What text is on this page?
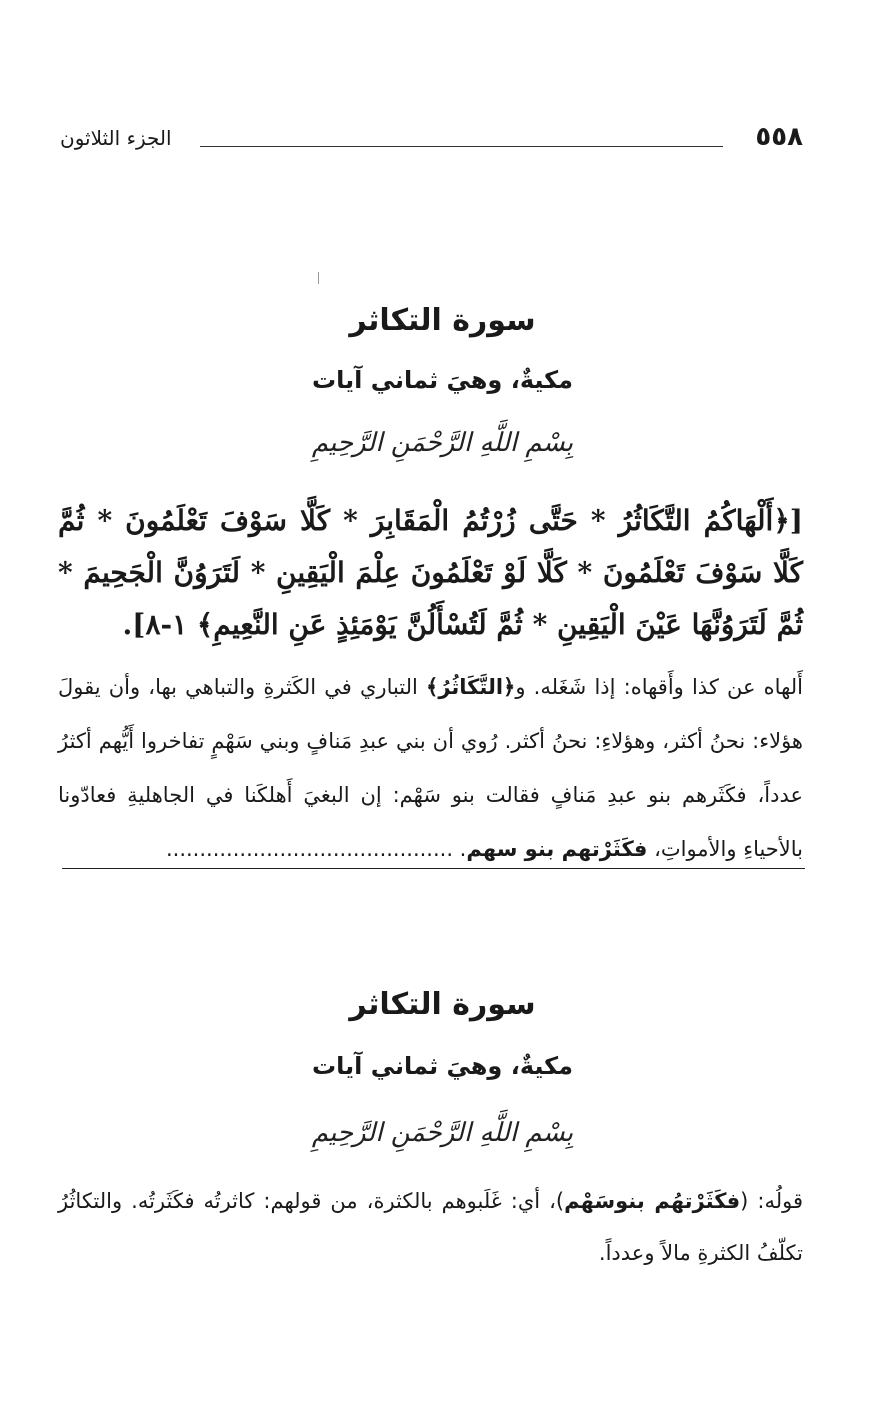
٥٥٨
الجزء الثلاثون
سورة التكاثر
مكيةٌ، وهيَ ثماني آيات
بِسْمِ اللَّهِ الرَّحْمَنِ الرَّحِيمِ
[﴿أَلْهَاكُمُ التَّكَاثُرُ * حَتَّى زُرْتُمُ الْمَقَابِرَ * كَلَّا سَوْفَ تَعْلَمُونَ * ثُمَّ كَلَّا سَوْفَ تَعْلَمُونَ * كَلَّا لَوْ تَعْلَمُونَ عِلْمَ الْيَقِينِ * لَتَرَوُنَّ الْجَحِيمَ * ثُمَّ لَتَرَوُنَّهَا عَيْنَ الْيَقِينِ * ثُمَّ لَتُسْأَلُنَّ يَوْمَئِذٍ عَنِ النَّعِيمِ﴾ ١-٨].
أَلهاه عن كذا وأَقهاه: إذا شَغَله. و﴿التَّكَاثُرُ﴾ التباري في الكَثرةِ والتباهي بها، وأن يقولَ هؤلاء: نحنُ أكثر، وهؤلاءِ: نحنُ أكثر. رُوي أن بني عبدِ مَنافٍ وبني سَهْمٍ تفاخروا أَيُّهم أكثرُ عدداً، فكَثَرهم بنو عبدِ مَنافٍ فقالت بنو سَهْم: إن البغيَ أَهلكَنا في الجاهليةِ فعادّونا بالأحياءِ والأمواتِ، فكَثَرْتهم بنو سهم. ...........................................
سورة التكاثر
مكيةٌ، وهيَ ثماني آيات
بِسْمِ اللَّهِ الرَّحْمَنِ الرَّحِيمِ
قولُه: (فكَثَرْتهُم بنوسَهْم)، أي: غَلَبوهم بالكثرة، من قولهم: كاثرتُه فكَثَرتُه. والتكاثُرُ تكلّفُ الكثرةِ مالاً وعدداً.
